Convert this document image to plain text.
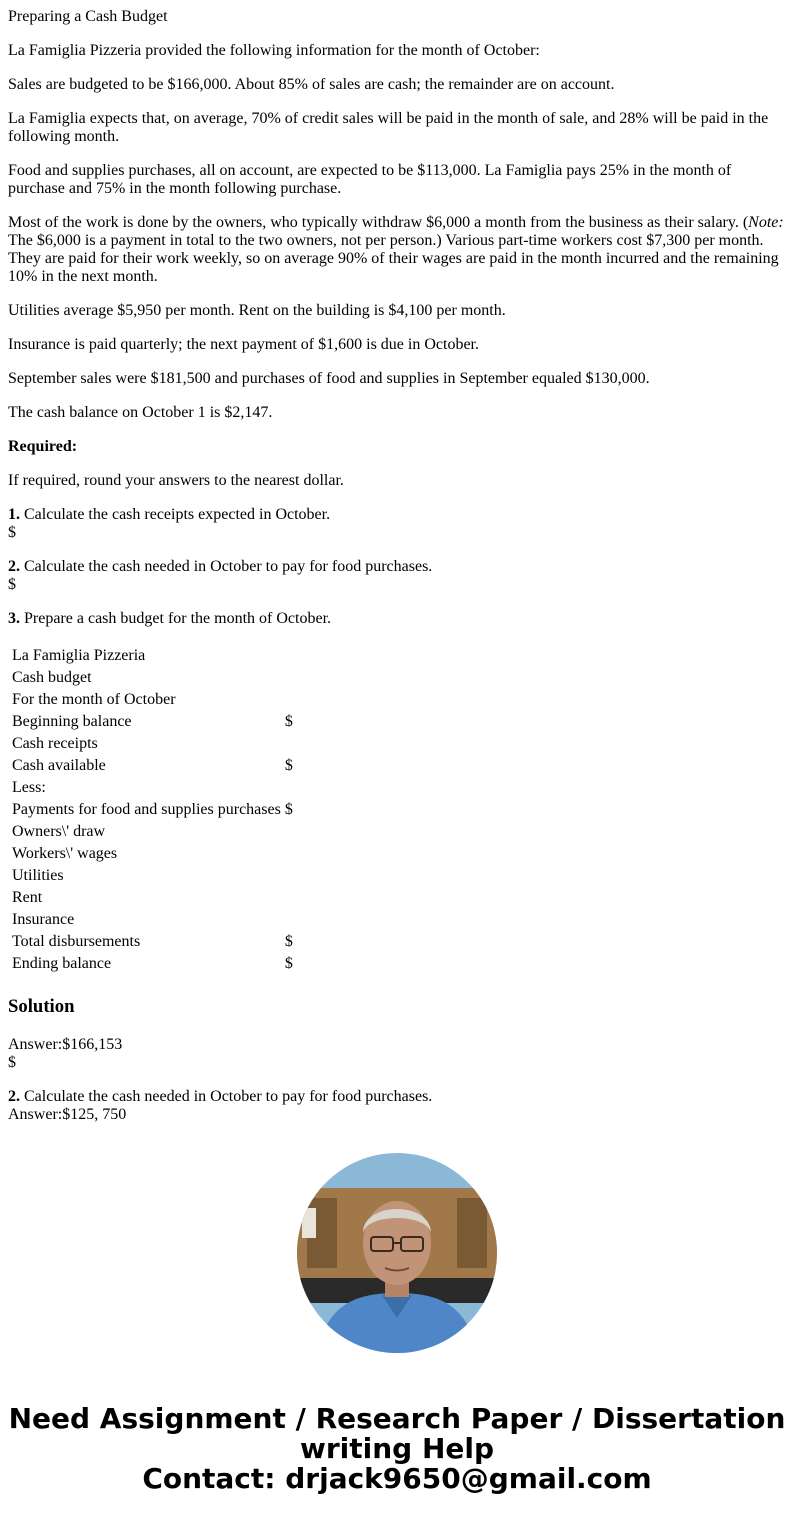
Preparing a Cash Budget

La Famiglia Pizzeria provided the following information for the month of October:

Sales are budgeted to be $166,000. About 85% of sales are cash; the remainder are on account.

La Famiglia expects that, on average, 70% of credit sales will be paid in the month of sale, and 28% will be paid in the following month.

Food and supplies purchases, all on account, are expected to be $113,000. La Famiglia pays 25% in the month of purchase and 75% in the month following purchase.

Most of the work is done by the owners, who typically withdraw $6,000 a month from the business as their salary. (Note: The $6,000 is a payment in total to the two owners, not per person.) Various part-time workers cost $7,300 per month. They are paid for their work weekly, so on average 90% of their wages are paid in the month incurred and the remaining 10% in the next month.

Utilities average $5,950 per month. Rent on the building is $4,100 per month.

Insurance is paid quarterly; the next payment of $1,600 is due in October.

September sales were $181,500 and purchases of food and supplies in September equaled $130,000.

The cash balance on October 1 is $2,147.

Required:

If required, round your answers to the nearest dollar.

1. Calculate the cash receipts expected in October.
$

2. Calculate the cash needed in October to pay for food purchases.
$

3. Prepare a cash budget for the month of October.

La Famiglia Pizzeria	
Cash budget	
For the month of October	
Beginning balance	$
Cash receipts	
Cash available	$
Less:	
Payments for food and supplies purchases	$
Owners\' draw	
Workers\' wages	
Utilities	
Rent	
Insurance	
Total disbursements	$
Ending balance	$
Solution

Answer:$166,153
$

2. Calculate the cash needed in October to pay for food purchases.
Answer:$125, 750

Need Assignment / Research Paper / Dissertation
writing Help
Contact: drjack9650@gmail.com
